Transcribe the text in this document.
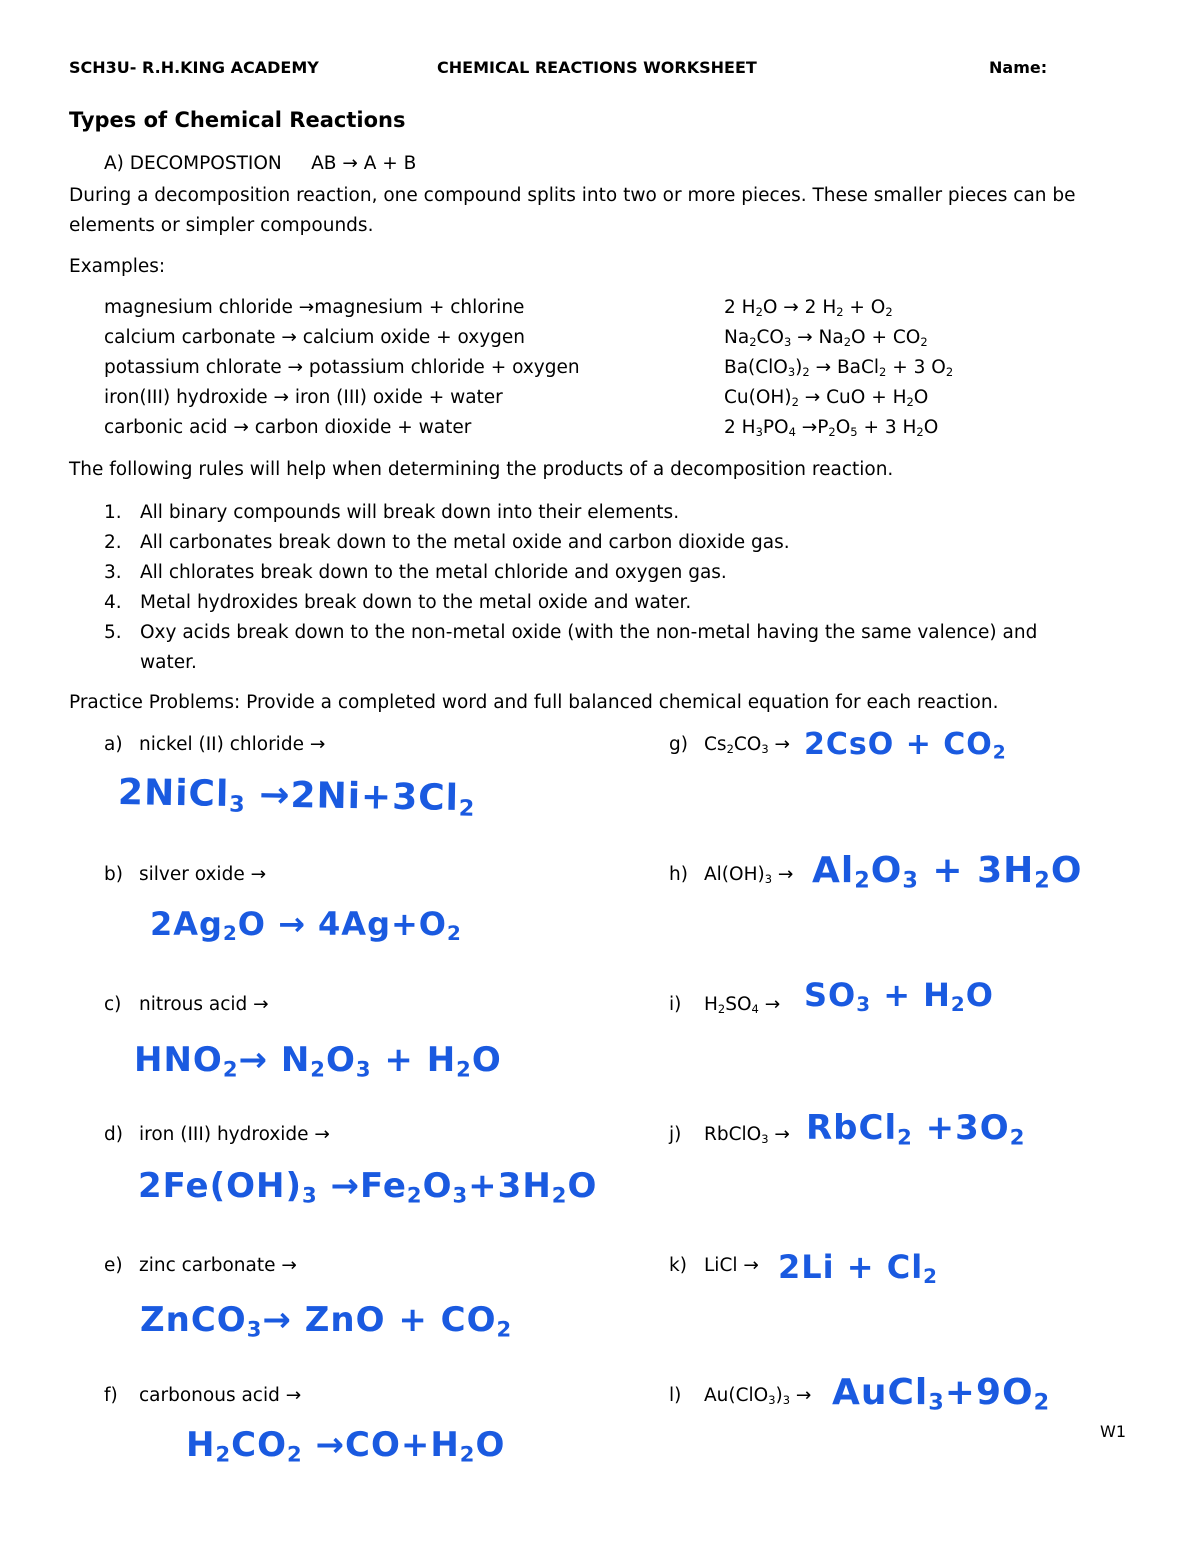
SCH3U- R.H.KING ACADEMY	CHEMICAL REACTIONS WORKSHEET	Name:
Types of Chemical Reactions
A) DECOMPOSTION AB → A + B
During a decomposition reaction, one compound splits into two or more pieces. These smaller pieces can be elements or simpler compounds.
Examples:
magnesium chloride →magnesium + chlorine
calcium carbonate → calcium oxide + oxygen
potassium chlorate → potassium chloride + oxygen
iron(III) hydroxide → iron (III) oxide + water
carbonic acid → carbon dioxide + water
2 $H_2O \to 2$ $H_2 + O_2$
$Na_2CO_3 \to Na_2O + CO_2$
$Ba(ClO_3)_2$ → BaCl$_2$ + 3 $O_2$
$Cu(OH)_2$ → CuO + $H_2O$
2 $H_3PO_4 \to P_2O_5 + 3$ $H_2O$
The following rules will help when determining the products of a decomposition reaction.
1. All binary compounds will break down into their elements.
2. All carbonates break down to the metal oxide and carbon dioxide gas.
3. All chlorates break down to the metal chloride and oxygen gas.
4. Metal hydroxides break down to the metal oxide and water.
5. Oxy acids break down to the non-metal oxide (with the non-metal having the same valence) and water.
Practice Problems: Provide a completed word and full balanced chemical equation for each reaction.
a) nickel (II) chloride →
b) silver oxide →
c) nitrous acid →
d) iron (III) hydroxide →
e) zinc carbonate →
f) carbonous acid →
g) $Cs_2CO_3$ →
h) $Al(OH)_3$ →
i) $H_2SO_4$ →
j) RbClO$_3$ →
k) LiCl →
l) $Au(ClO_3)_3$ →
2NiCl$_3$ $\to 2Ni+3Cl_2$
$2Ag_2O \to 4Ag+O_2$
$HNO_2\to N_2O_3 + H_2O$
$2Fe(OH)_3 \to Fe_2O_3+3H_2O$
ZnCO$_3$→ ZnO + $CO_2$
$H_2CO_2 \to CO+H_2O$
$2CsO + CO_2$
$Al_2O_3 + 3H_2O$
$SO_3 + H_2O$
RbCl$_2$ $+3O_2$
$2Li + Cl_2$
$AuCl_3+9O_2$
W1
